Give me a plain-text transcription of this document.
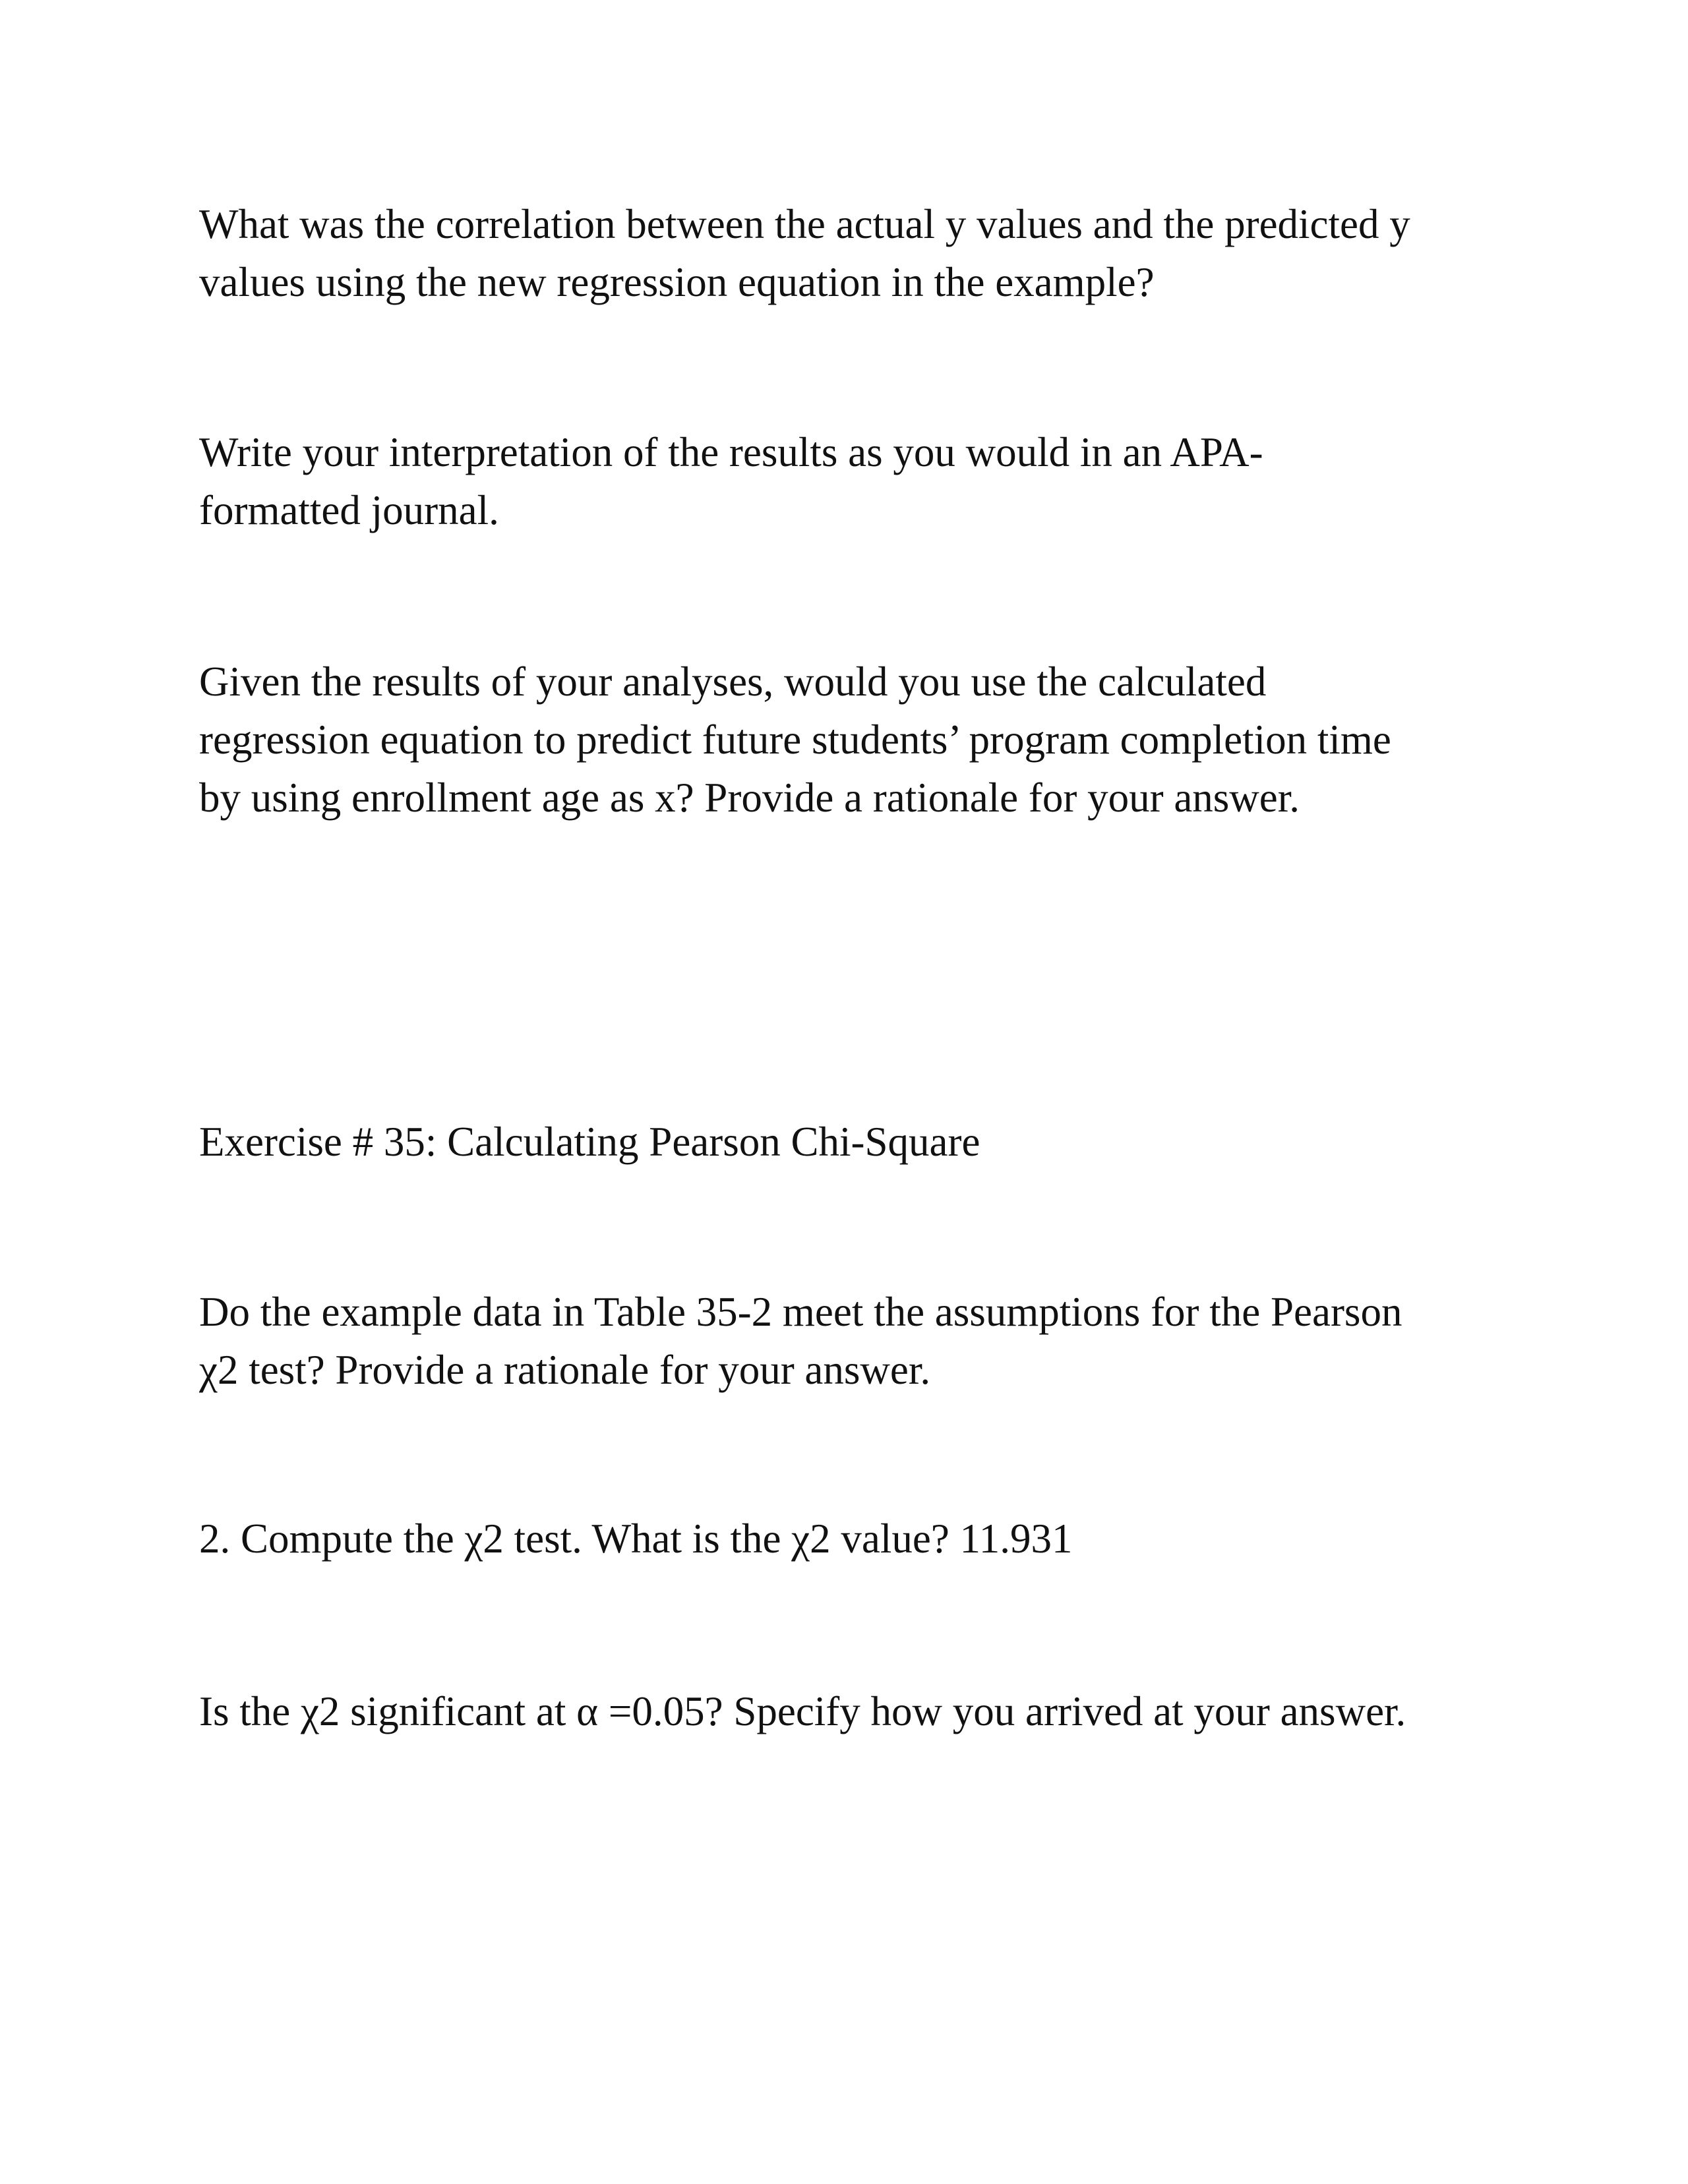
What was the correlation between the actual y values and the predicted y
values using the new regression equation in the example?

Write your interpretation of the results as you would in an APA-
formatted journal.

Given the results of your analyses, would you use the calculated
regression equation to predict future students’ program completion time
by using enrollment age as x? Provide a rationale for your answer.

Exercise # 35: Calculating Pearson Chi-Square

Do the example data in Table 35-2 meet the assumptions for the Pearson
χ2 test? Provide a rationale for your answer.

2. Compute the χ2 test. What is the χ2 value? 11.931

Is the χ2 significant at α =0.05? Specify how you arrived at your answer.
